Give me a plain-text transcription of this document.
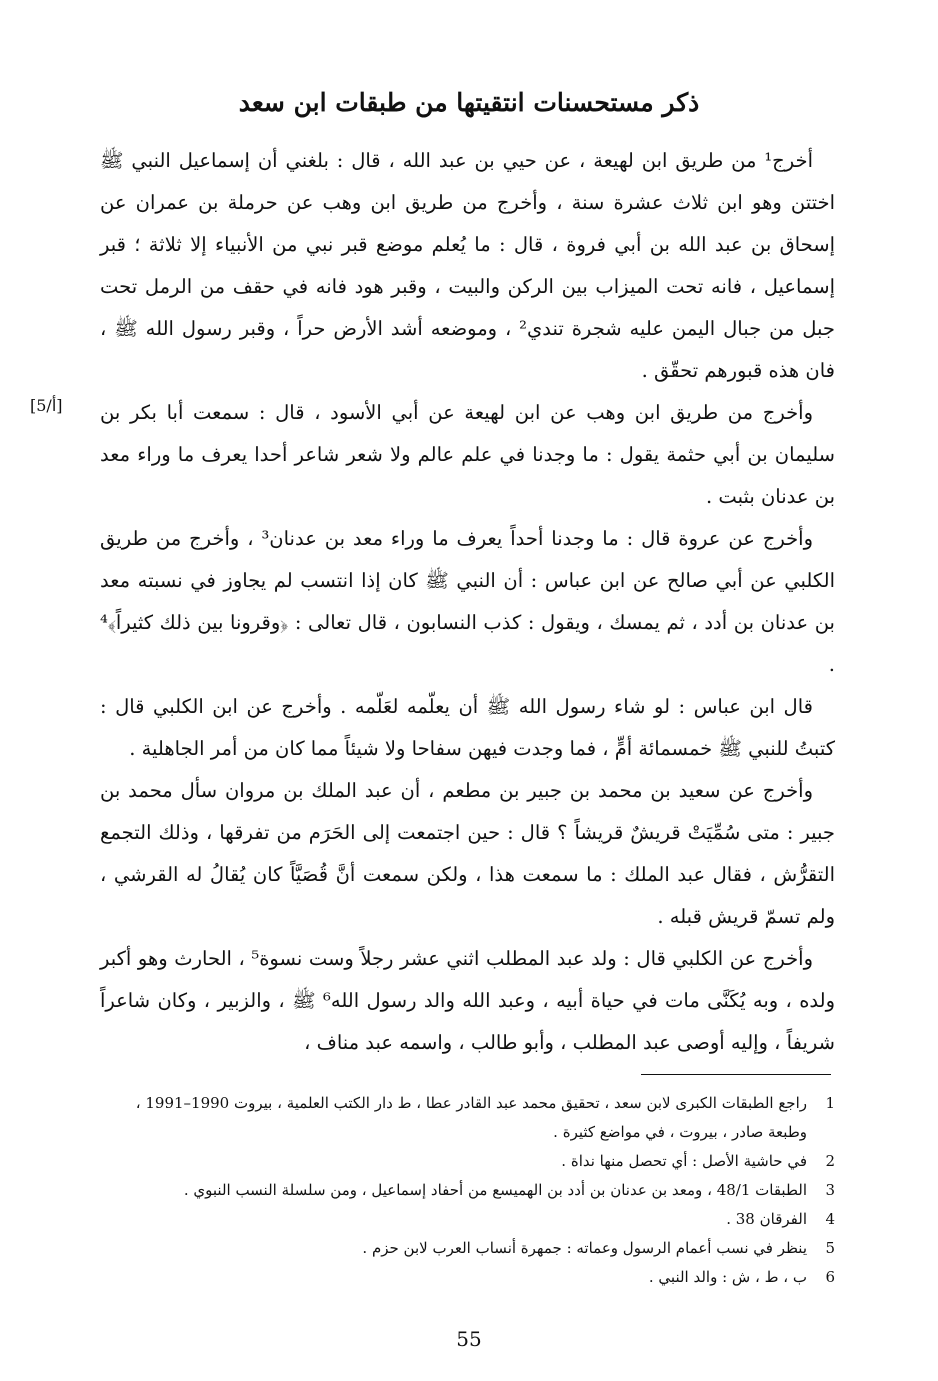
ذكر مستحسنات انتقيتها من طبقات ابن سعد
[5/أ]

أخرج¹ من طريق ابن لهيعة ، عن حيي بن عبد الله ، قال : بلغني أن إسماعيل النبي ﷺ اختتن وهو ابن ثلاث عشرة سنة ، وأخرج من طريق ابن وهب عن حرملة بن عمران عن إسحاق بن عبد الله بن أبي فروة ، قال : ما يُعلم موضع قبر نبي من الأنبياء إلا ثلاثة ؛ قبر إسماعيل ، فانه تحت الميزاب بين الركن والبيت ، وقبر هود فانه في حقف من الرمل تحت جبل من جبال اليمن عليه شجرة تندي² ، وموضعه أشد الأرض حراً ، وقبر رسول الله ﷺ ، فان هذه قبورهم تحقّق .

وأخرج من طريق ابن وهب عن ابن لهيعة عن أبي الأسود ، قال : سمعت أبا بكر بن سليمان بن أبي حثمة يقول : ما وجدنا في علم عالم ولا شعر شاعر أحدا يعرف ما وراء معد بن عدنان بثبت .

وأخرج عن عروة قال : ما وجدنا أحداً يعرف ما وراء معد بن عدنان³ ، وأخرج من طريق الكلبي عن أبي صالح عن ابن عباس : أن النبي ﷺ كان إذا انتسب لم يجاوز في نسبته معد بن عدنان بن أدد ، ثم يمسك ، ويقول : كذب النسابون ، قال تعالى : ﴿وقرونا بين ذلك كثيراً﴾⁴ .

قال ابن عباس : لو شاء رسول الله ﷺ أن يعلّمه لعَلّمه . وأخرج عن ابن الكلبي قال : كتبتُ للنبي ﷺ خمسمائة أمٍّ ، فما وجدت فيهن سفاحا ولا شيئاً مما كان من أمر الجاهلية .

وأخرج عن سعيد بن محمد بن جبير بن مطعم ، أن عبد الملك بن مروان سأل محمد بن جبير : متى سُمِّيَتْ قريشٌ قريشاً ؟ قال : حين اجتمعت إلى الحَرَم من تفرقها ، وذلك التجمع التقرُّش ، فقال عبد الملك : ما سمعت هذا ، ولكن سمعت أنَّ قُصَيَّاً كان يُقالُ له القرشي ، ولم تسمّ قريش قبله .

وأخرج عن الكلبي قال : ولد عبد المطلب اثني عشر رجلاً وست نسوة⁵ ، الحارث وهو أكبر ولده ، وبه يُكَنَّى مات في حياة أبيه ، وعبد الله والد رسول الله⁶ ﷺ ، والزبير ، وكان شاعراً شريفاً ، وإليه أوصى عبد المطلب ، وأبو طالب ، واسمه عبد مناف ،

1
راجع الطبقات الكبرى لابن سعد ، تحقيق محمد عبد القادر عطا ، ط دار الكتب العلمية ، بيروت 1990–1991 ، وطبعة صادر ، بيروت ، في مواضع كثيرة .
2
في حاشية الأصل : أي تحصل منها نداة .
3
الطبقات 48/1 ، ومعد بن عدنان بن أدد بن الهميسع من أحفاد إسماعيل ، ومن سلسلة النسب النبوي .
4
الفرقان 38 .
5
ينظر في نسب أعمام الرسول وعماته : جمهرة أنساب العرب لابن حزم .
6
ب ، ط ، ش : والد النبي .
55
